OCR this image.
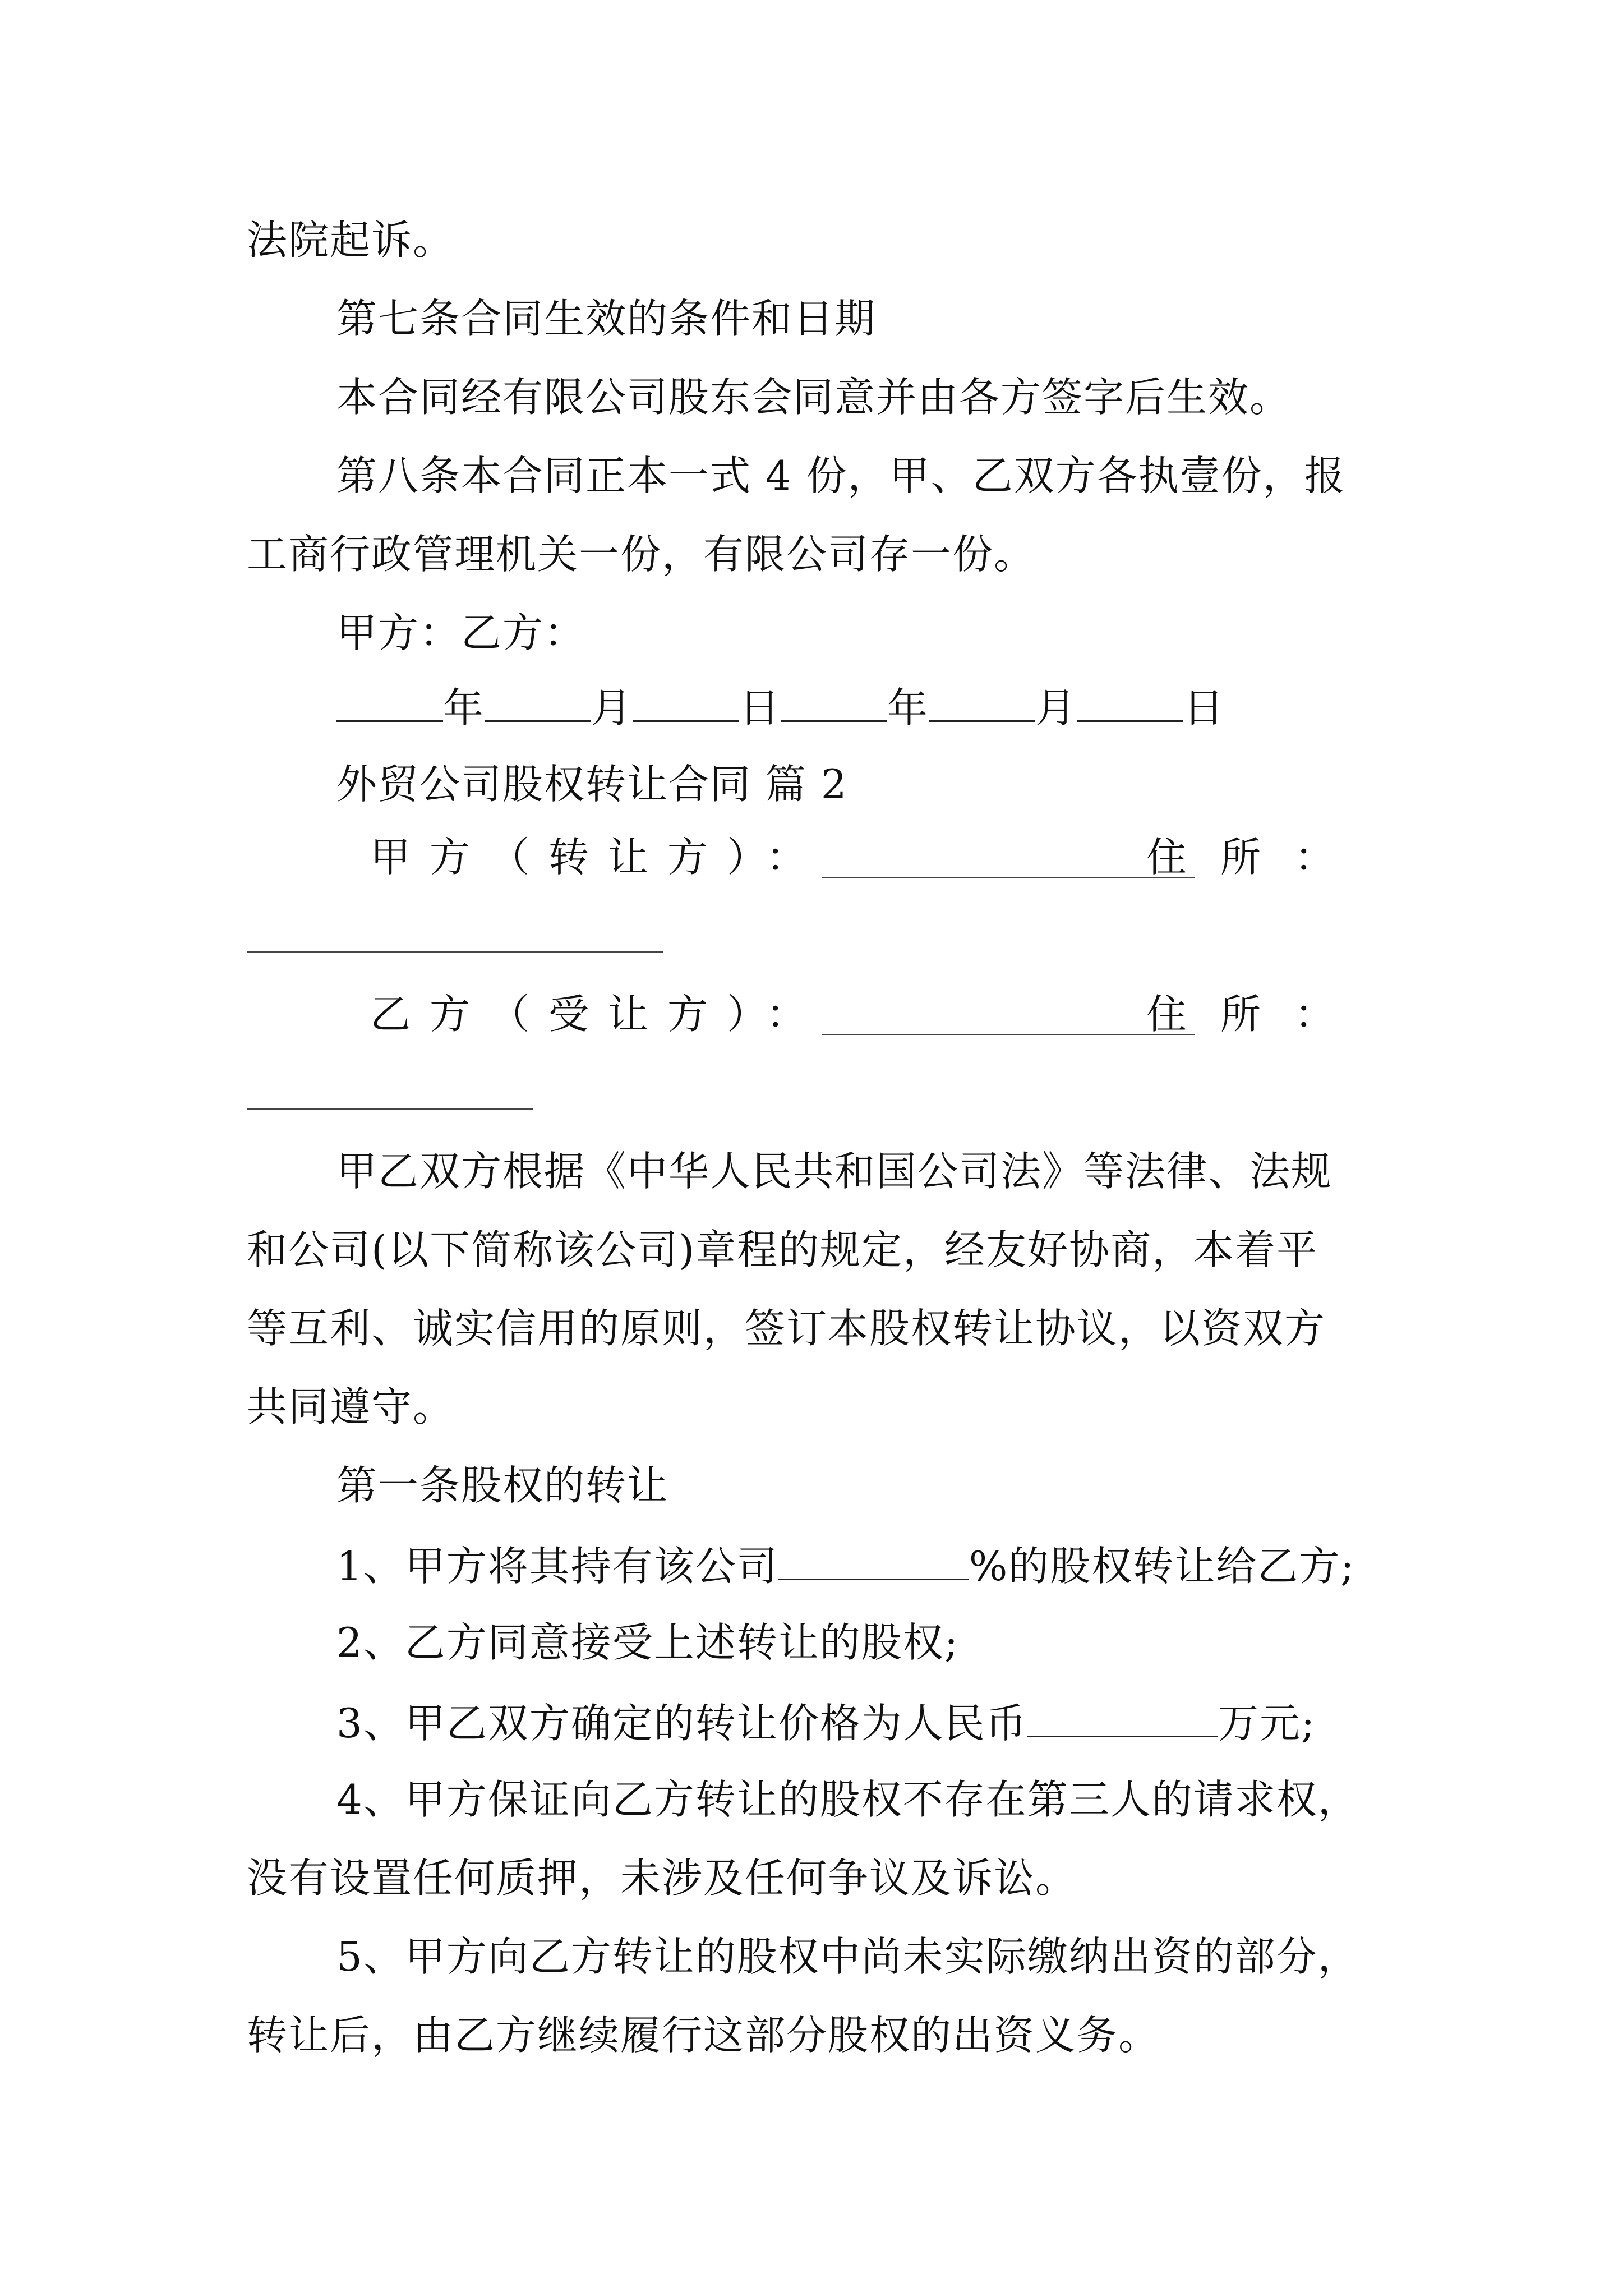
法院起诉。
第七条合同生效的条件和日期
本合同经有限公司股东会同意并由各方签字后生效。
第八条本合同正本一式 4 份，甲、乙双方各执壹份，报
工商行政管理机关一份，有限公司存一份。
甲方：乙方：
年	月	日	年	月	日
外贸公司股权转让合同 篇 2
甲方（转让方）：	住所：
乙方（受让方）：	住所：
甲乙双方根据《中华人民共和国公司法》等法律、法规
和公司(以下简称该公司)章程的规定，经友好协商，本着平
等互利、诚实信用的原则，签订本股权转让协议，以资双方
共同遵守。
第一条股权的转让
1、甲方将其持有该公司	%的股权转让给乙方;
2、乙方同意接受上述转让的股权;
3、甲乙双方确定的转让价格为人民币	万元;
4、甲方保证向乙方转让的股权不存在第三人的请求权，
没有设置任何质押，未涉及任何争议及诉讼。
5、甲方向乙方转让的股权中尚未实际缴纳出资的部分，
转让后，由乙方继续履行这部分股权的出资义务。
